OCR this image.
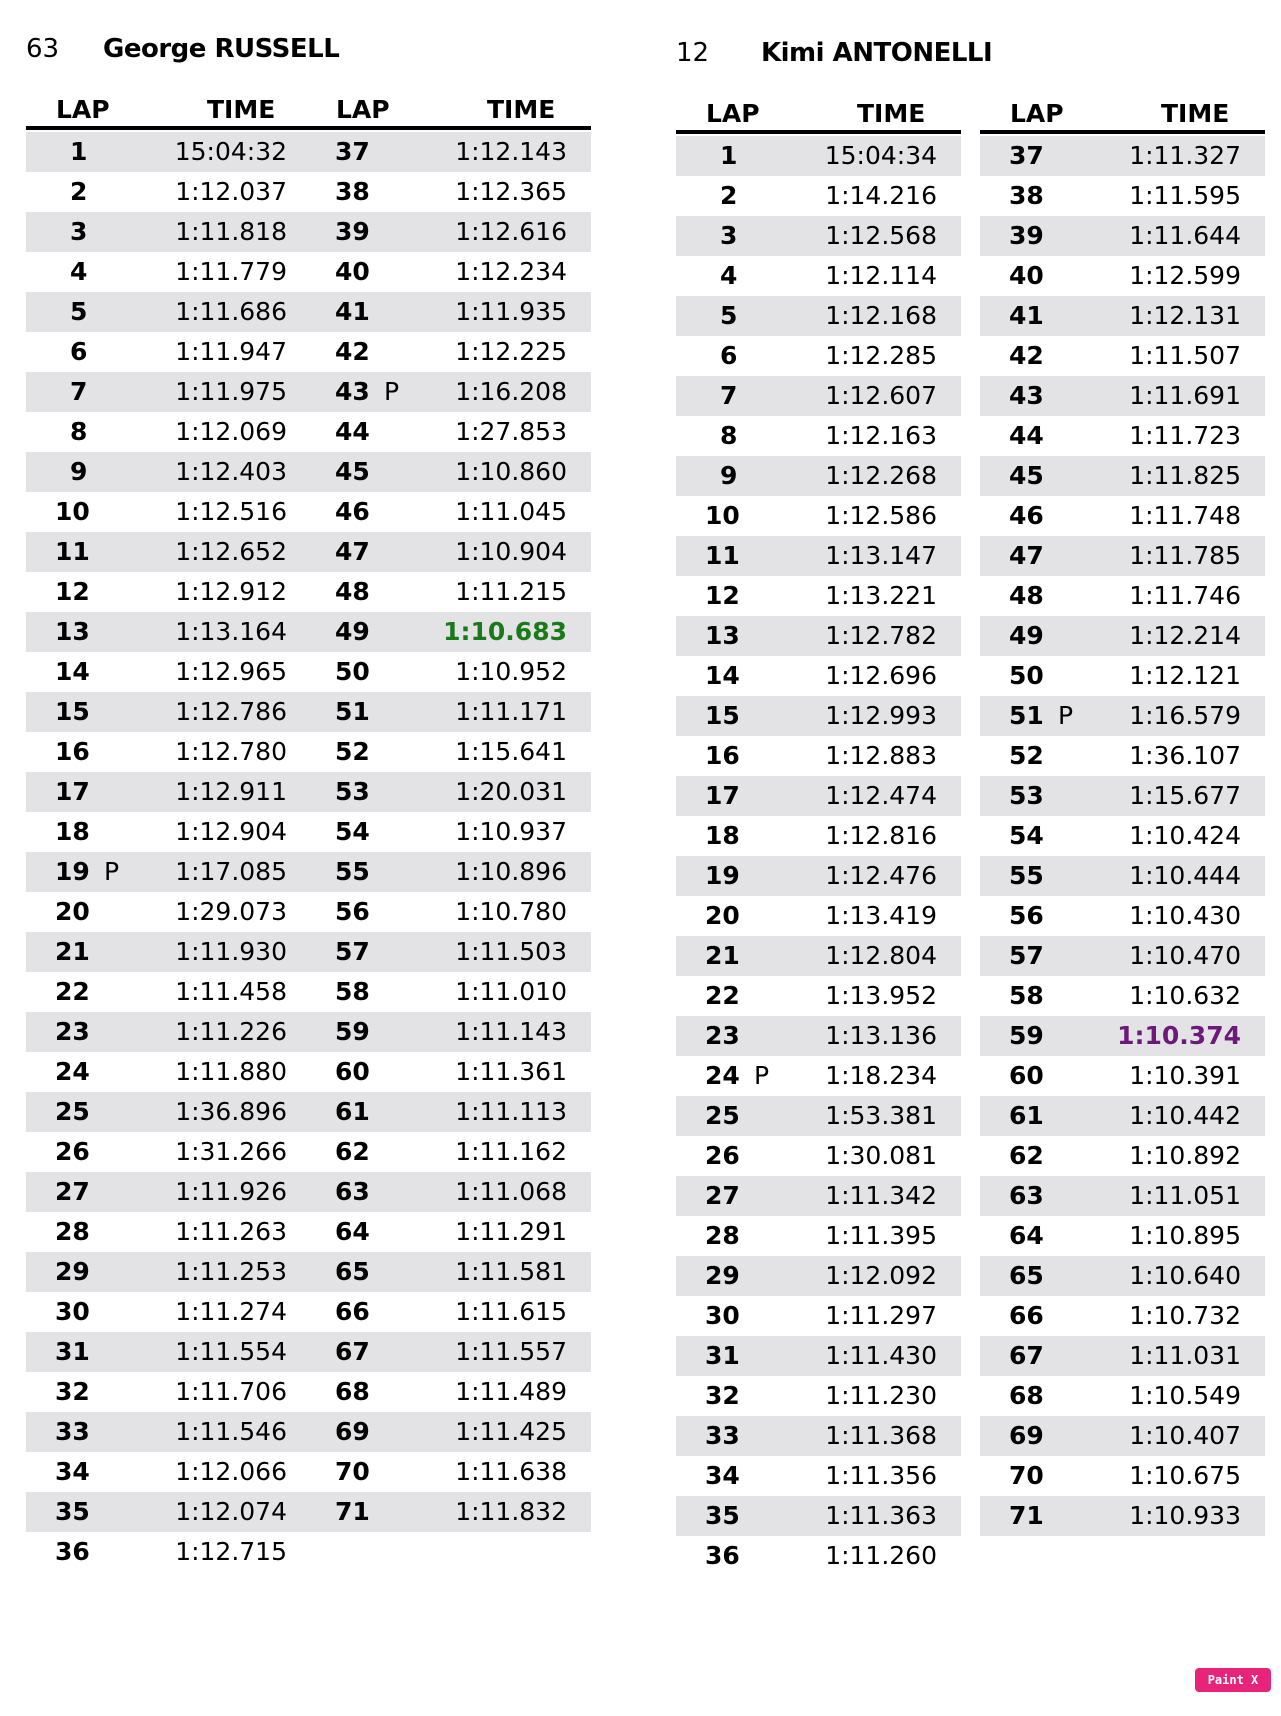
63 George RUSSELL
LAP	TIME
1	15:04:32
2	1:12.037
3	1:11.818
4	1:11.779
5	1:11.686
6	1:11.947
7	1:11.975
8	1:12.069
9	1:12.403
10	1:12.516
11	1:12.652
12	1:12.912
13	1:13.164
14	1:12.965
15	1:12.786
16	1:12.780
17	1:12.911
18	1:12.904
19 P 1:17.085
20	1:29.073
21	1:11.930
22	1:11.458
23	1:11.226
24	1:11.880
25	1:36.896
26	1:31.266
27	1:11.926
28	1:11.263
29	1:11.253
30	1:11.274
31	1:11.554
32	1:11.706
33	1:11.546
34	1:12.066
35	1:12.074
36	1:12.715
LAP	TIME
37	1:12.143
38	1:12.365
39	1:12.616
40	1:12.234
41	1:11.935
42	1:12.225
43 P 1:16.208
44	1:27.853
45	1:10.860
46	1:11.045
47	1:10.904
48	1:11.215
49	1:10.683
50	1:10.952
51	1:11.171
52	1:15.641
53	1:20.031
54	1:10.937
55	1:10.896
56	1:10.780
57	1:11.503
58	1:11.010
59	1:11.143
60	1:11.361
61	1:11.113
62	1:11.162
63	1:11.068
64	1:11.291
65	1:11.581
66	1:11.615
67	1:11.557
68	1:11.489
69	1:11.425
70	1:11.638
71	1:11.832
12 Kimi ANTONELLI
LAP	TIME
1	15:04:34
2	1:14.216
3	1:12.568
4	1:12.114
5	1:12.168
6	1:12.285
7	1:12.607
8	1:12.163
9	1:12.268
10	1:12.586
11	1:13.147
12	1:13.221
13	1:12.782
14	1:12.696
15	1:12.993
16	1:12.883
17	1:12.474
18	1:12.816
19	1:12.476
20	1:13.419
21	1:12.804
22	1:13.952
23	1:13.136
24 P 1:18.234
25	1:53.381
26	1:30.081
27	1:11.342
28	1:11.395
29	1:12.092
30	1:11.297
31	1:11.430
32	1:11.230
33	1:11.368
34	1:11.356
35	1:11.363
36	1:11.260
LAP	TIME
37	1:11.327
38	1:11.595
39	1:11.644
40	1:12.599
41	1:12.131
42	1:11.507
43	1:11.691
44	1:11.723
45	1:11.825
46	1:11.748
47	1:11.785
48	1:11.746
49	1:12.214
50	1:12.121
51 P 1:16.579
52	1:36.107
53	1:15.677
54	1:10.424
55	1:10.444
56	1:10.430
57	1:10.470
58	1:10.632
59	1:10.374
60	1:10.391
61	1:10.442
62	1:10.892
63	1:11.051
64	1:10.895
65	1:10.640
66	1:10.732
67	1:11.031
68	1:10.549
69	1:10.407
70	1:10.675
71	1:10.933
Paint X lite
